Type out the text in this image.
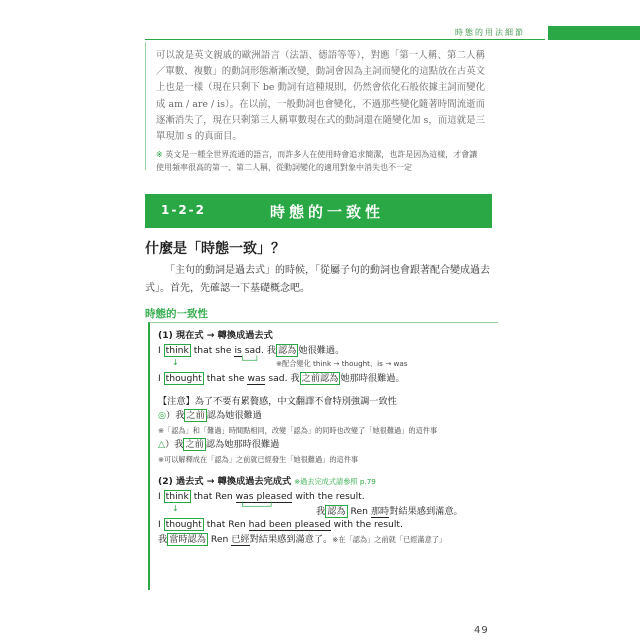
時態的用法細節

可以說是英文親戚的歐洲語言（法語、德語等等），對應「第一人稱、第二人稱／單數、複數」的動詞形態漸漸改變，動詞會因為主詞而變化的這點放在古英文上也是一樣（現在只剩下 be 動詞有這種規則，仍然會依化石般依據主詞而變化成 am / are / is）。在以前，一般動詞也會變化，不過那些變化隨著時間流逝而逐漸消失了，現在只剩第三人稱單數現在式的動詞還在隨變化加 s，而這就是三單現加 s 的真面目。

※ 英文是一種全世界流通的語言，而許多人在使用時會追求簡潔，也許是因為這樣，才會讓使用頻率很高的第一、第二人稱，從動詞變化的適用對象中消失也不一定

1-2-2	時態的一致性
什麼是「時態一致」？

「主句的動詞是過去式」的時候，「從屬子句的動詞也會跟著配合變成過去式」。首先，先確認一下基礎概念吧。

時態的一致性
(1) 現在式 → 轉換成過去式
I think that she is sad. 我 認為 她很難過。
↓	└──┘ ※配合變化 think → thought、is → was
I thought that she was sad. 我 之前認為 她那時很難過。
【注意】為了不要有累贅感，中文翻譯不會特別強調一致性
◎）我 之前 認為她很難過
※「認為」和「難過」時間點相同，改變「認為」的同時也改變了「她很難過」的這件事
△）我 之前 認為她那時很難過
※可以解釋成在「認為」之前就已經發生「她很難過」的這件事
(2) 過去式 → 轉換成過去完成式 ※過去完成式請參照 p.79
I think that Ren was pleased with the result.
↓	└─────┘	我 認為 Ren 那時對結果感到滿意。
I thought that Ren had been pleased with the result.
我 當時認為 Ren 已經對結果感到滿意了。※在「認為」之前就「已經滿意了」
49
